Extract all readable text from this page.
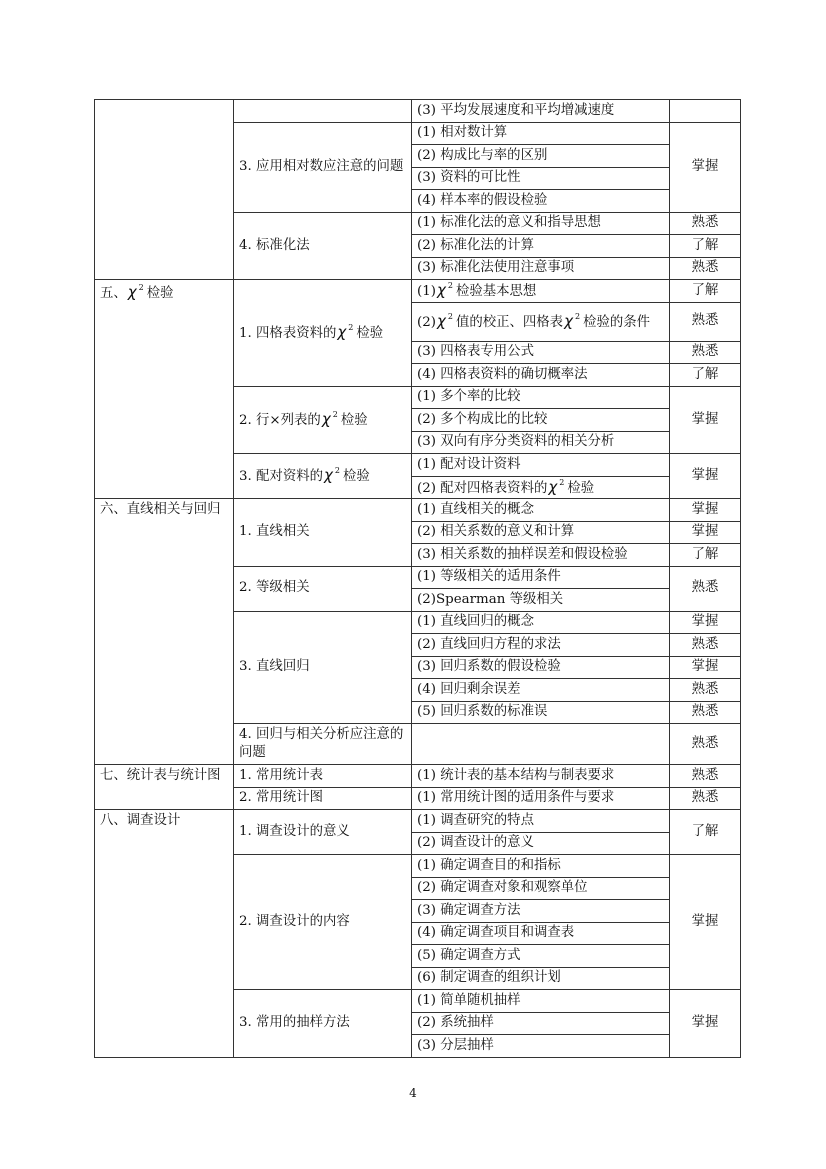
		(3) 平均发展速度和平均增减速度	
	3. 应用相对数应注意的问题	(1) 相对数计算	掌握
		(2) 构成比与率的区别	
		(3) 资料的可比性	
		(4) 样本率的假设检验	
	4. 标准化法	(1) 标准化法的意义和指导思想	熟悉
		(2) 标准化法的计算	了解
		(3) 标准化法使用注意事项	熟悉
五、χ $^2$ 检验	1. 四格表资料的χ $^2$ 检验	(1)χ $^2$ 检验基本思想	了解
		(2)χ $^2$ 值的校正、四格表χ $^2$ 检验的条件	熟悉
		(3) 四格表专用公式	熟悉
		(4) 四格表资料的确切概率法	了解
	2. 行×列表的χ $^2$ 检验	(1) 多个率的比较	掌握
		(2) 多个构成比的比较	
		(3) 双向有序分类资料的相关分析	
	3. 配对资料的χ $^2$ 检验	(1) 配对设计资料	掌握
		(2) 配对四格表资料的χ $^2$ 检验	
六、直线相关与回归	1. 直线相关	(1) 直线相关的概念	掌握
		(2) 相关系数的意义和计算	掌握
		(3) 相关系数的抽样误差和假设检验	了解
	2. 等级相关	(1) 等级相关的适用条件	熟悉
		(2)Spearman 等级相关	
	3. 直线回归	(1) 直线回归的概念	掌握
		(2) 直线回归方程的求法	熟悉
		(3) 回归系数的假设检验	掌握
		(4) 回归剩余误差	熟悉
		(5) 回归系数的标准误	熟悉
	4. 回归与相关分析应注意的问题		熟悉
七、统计表与统计图	1. 常用统计表	(1) 统计表的基本结构与制表要求	熟悉
	2. 常用统计图	(1) 常用统计图的适用条件与要求	熟悉
八、调查设计	1. 调查设计的意义	(1) 调查研究的特点	了解
		(2) 调查设计的意义	
	2. 调查设计的内容	(1) 确定调查目的和指标	掌握
		(2) 确定调查对象和观察单位	
		(3) 确定调查方法	
		(4) 确定调查项目和调查表	
		(5) 确定调查方式	
		(6) 制定调查的组织计划	
	3. 常用的抽样方法	(1) 简单随机抽样	掌握
		(2) 系统抽样	
		(3) 分层抽样	
4
